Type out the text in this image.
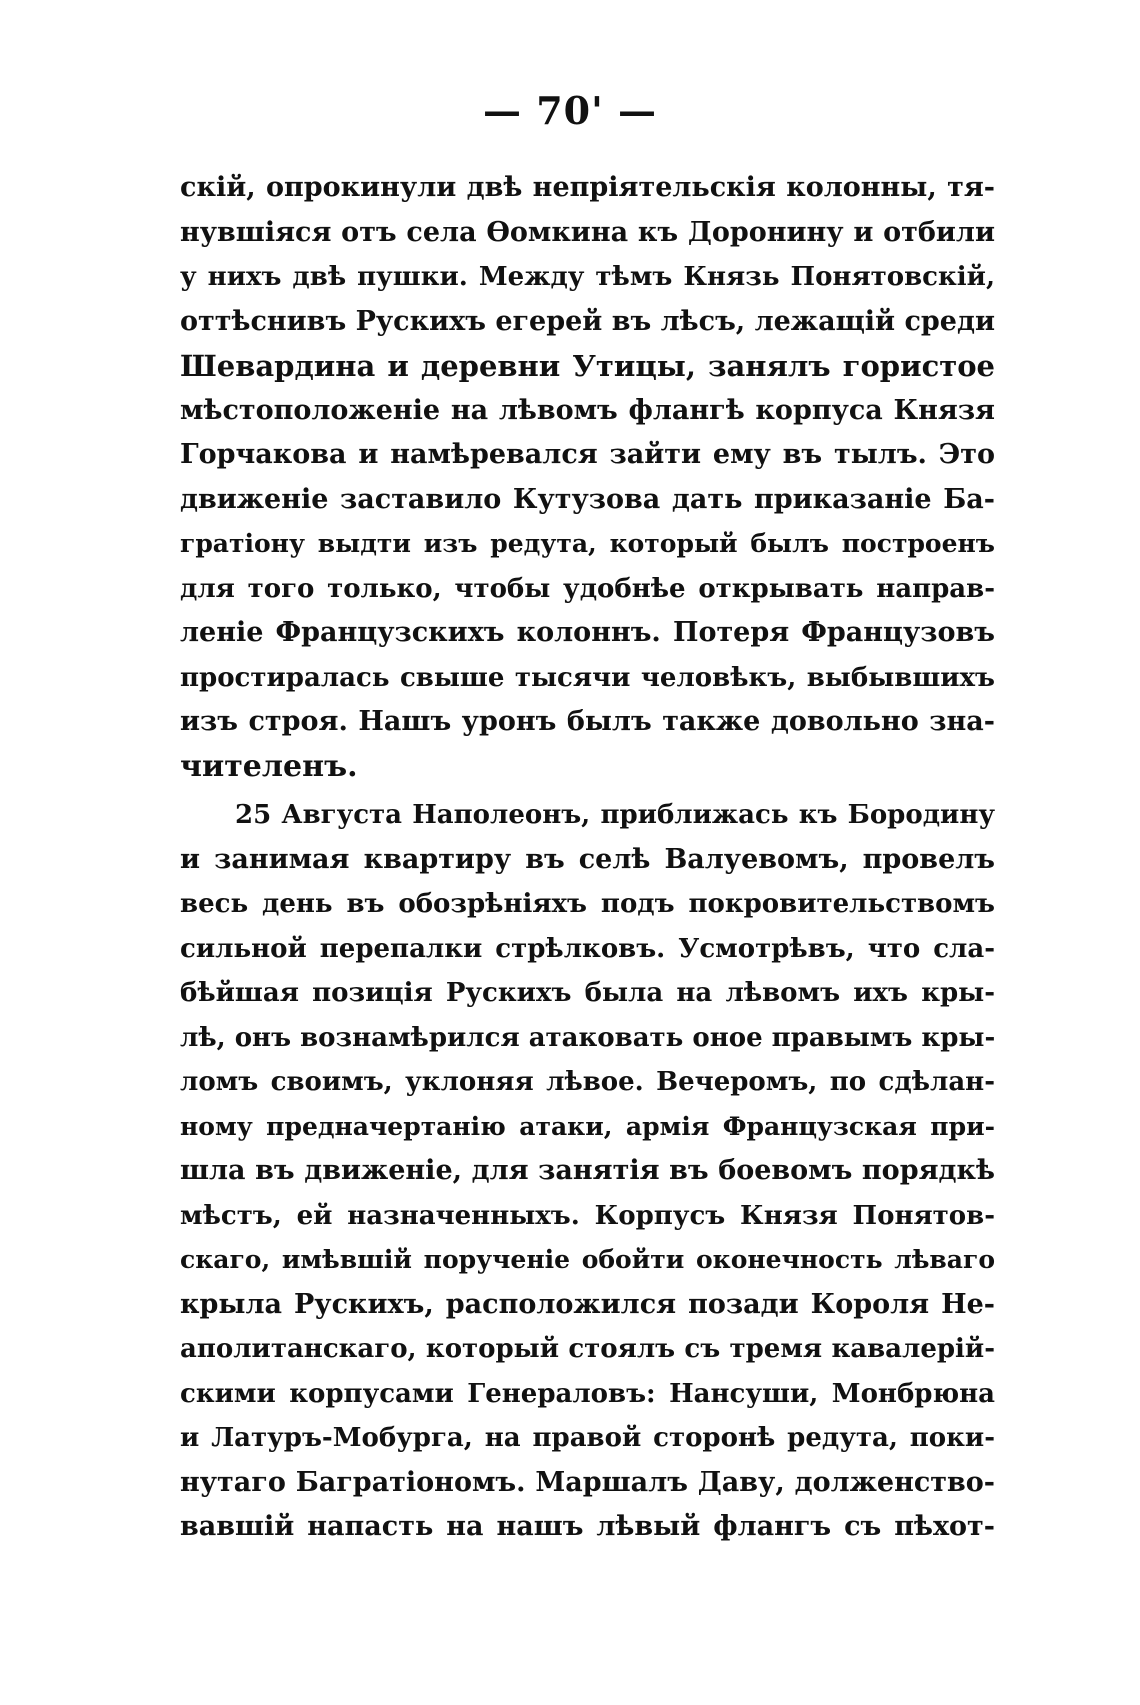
— 70' —
скій, опрокинули двѣ непріятельскія колонны, тя-
нувшіяся отъ села Ѳомкина къ Доронину и отбили
у нихъ двѣ пушки. Между тѣмъ Князь Понятовскій,
оттѣснивъ Рускихъ егерей въ лѣсъ, лежащій среди
Шевардина и деревни Утицы, занялъ гористое
мѣстоположеніе на лѣвомъ флангѣ корпуса Князя
Горчакова и намѣревался зайти ему въ тылъ. Это
движеніе заставило Кутузова дать приказаніе Ба-
гратіону выдти изъ редута, который былъ построенъ
для того только, чтобы удобнѣе открывать направ-
леніе Французскихъ колоннъ. Потеря Французовъ
простиралась свыше тысячи человѣкъ, выбывшихъ
изъ строя. Нашъ уронъ былъ также довольно зна-
чителенъ.
25 Августа Наполеонъ, приближась къ Бородину
и занимая квартиру въ селѣ Валуевомъ, провелъ
весь день въ обозрѣніяхъ подъ покровительствомъ
сильной перепалки стрѣлковъ. Усмотрѣвъ, что сла-
бѣйшая позиція Рускихъ была на лѣвомъ ихъ кры-
лѣ, онъ вознамѣрился атаковать оное правымъ кры-
ломъ своимъ, уклоняя лѣвое. Вечеромъ, по сдѣлан-
ному предначертанію атаки, армія Французская при-
шла въ движеніе, для занятія въ боевомъ порядкѣ
мѣстъ, ей назначенныхъ. Корпусъ Князя Понятов-
скаго, имѣвшій порученіе обойти оконечность лѣваго
крыла Рускихъ, расположился позади Короля Не-
аполитанскаго, который стоялъ съ тремя кавалерій-
скими корпусами Генераловъ: Нансуши, Монбрюна
и Латуръ-Мобурга, на правой сторонѣ редута, поки-
нутаго Багратіономъ. Маршалъ Даву, долженство-
вавшій напасть на нашъ лѣвый флангъ съ пѣхот-
